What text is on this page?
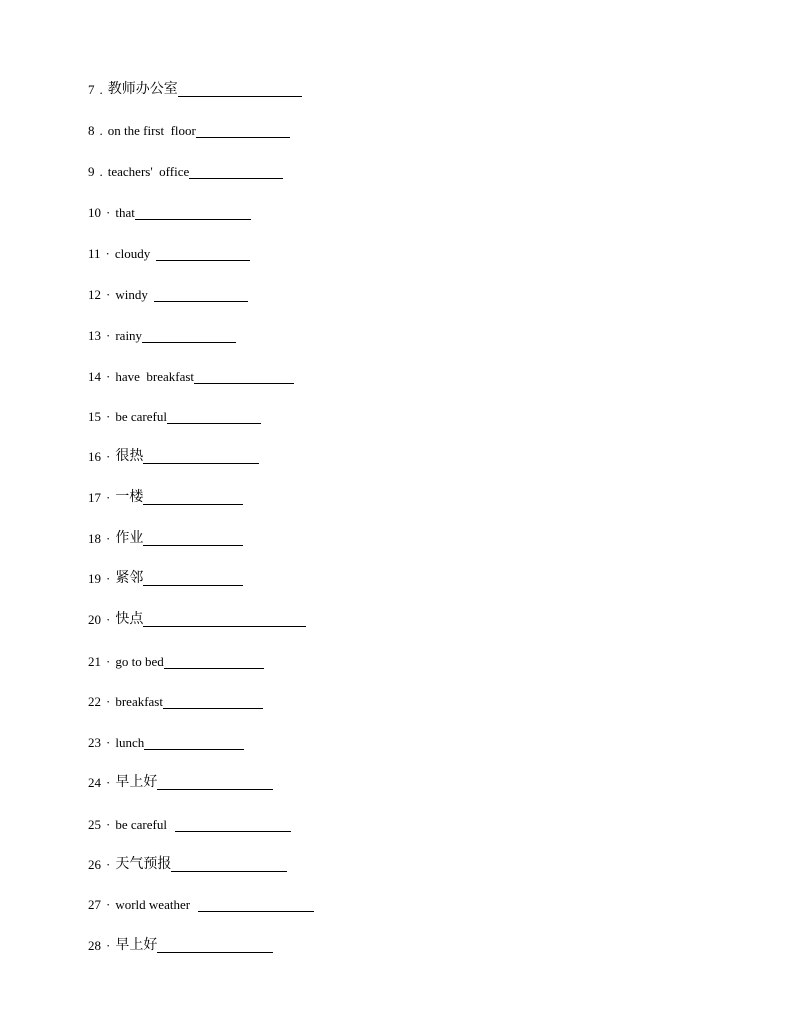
7 . 教师办公室
8 . on the first  floor
9 . teachers'  office
10 · that
11 · cloudy
12 · windy
13 · rainy
14 · have  breakfast
15 · be careful
16 · 很热
17 · 一楼
18 · 作业
19 · 紧邻
20 · 快点
21 · go to bed
22 · breakfast
23 · lunch
24 · 早上好
25 · be careful
26 · 天气预报
27 · world weather
28 · 早上好
